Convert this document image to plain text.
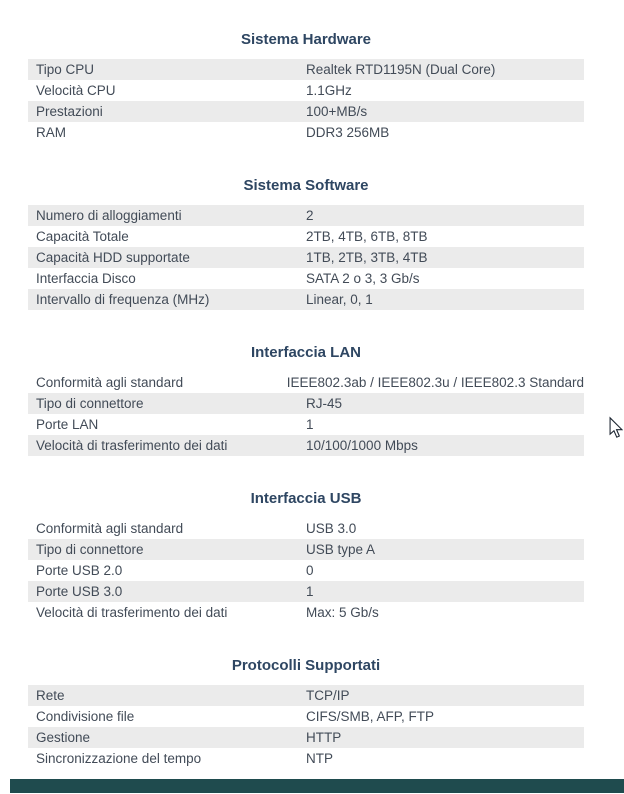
Sistema Hardware
Tipo CPU	Realtek RTD1195N (Dual Core)
Velocità CPU	1.1GHz
Prestazioni	100+MB/s
RAM	DDR3 256MB
Sistema Software
Numero di alloggiamenti	2
Capacità Totale	2TB, 4TB, 6TB, 8TB
Capacità HDD supportate	1TB, 2TB, 3TB, 4TB
Interfaccia Disco	SATA 2 o 3, 3 Gb/s
Intervallo di frequenza (MHz)	Linear, 0, 1
Interfaccia LAN
Conformità agli standard	IEEE802.3ab / IEEE802.3u / IEEE802.3 Standard
Tipo di connettore	RJ-45
Porte LAN	1
Velocità di trasferimento dei dati	10/100/1000 Mbps
Interfaccia USB
Conformità agli standard	USB 3.0
Tipo di connettore	USB type A
Porte USB 2.0	0
Porte USB 3.0	1
Velocità di trasferimento dei dati	Max: 5 Gb/s
Protocolli Supportati
Rete	TCP/IP
Condivisione file	CIFS/SMB, AFP, FTP
Gestione	HTTP
Sincronizzazione del tempo	NTP
